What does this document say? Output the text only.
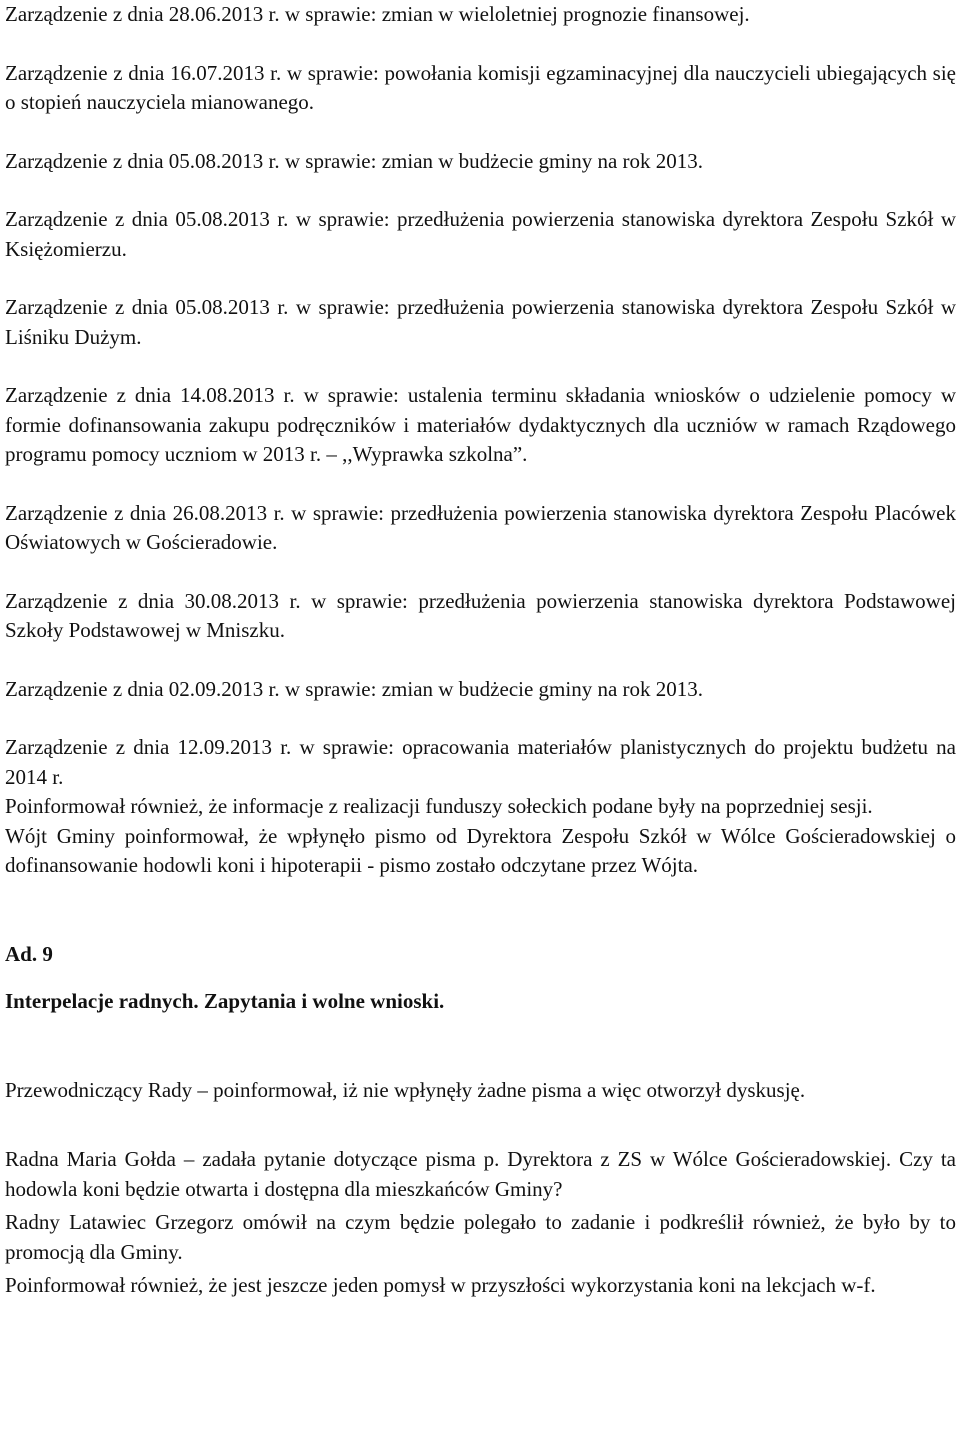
Zarządzenie z dnia 28.06.2013 r. w sprawie: zmian w wieloletniej prognozie finansowej.

Zarządzenie z dnia 16.07.2013 r. w sprawie: powołania komisji egzaminacyjnej dla nauczycieli ubiegających się o stopień nauczyciela mianowanego.

Zarządzenie z dnia 05.08.2013 r. w sprawie: zmian w budżecie gminy na rok 2013.

Zarządzenie z dnia 05.08.2013 r. w sprawie: przedłużenia powierzenia stanowiska dyrektora Zespołu Szkół w Księżomierzu.

Zarządzenie z dnia 05.08.2013 r. w sprawie: przedłużenia powierzenia stanowiska dyrektora Zespołu Szkół w Liśniku Dużym.

Zarządzenie z dnia 14.08.2013 r. w sprawie: ustalenia terminu składania wniosków o udzielenie pomocy w formie dofinansowania zakupu podręczników i materiałów dydaktycznych dla uczniów w ramach Rządowego programu pomocy uczniom w 2013 r. – ,,Wyprawka szkolna”.

Zarządzenie z dnia 26.08.2013 r. w sprawie: przedłużenia powierzenia stanowiska dyrektora Zespołu Placówek Oświatowych w Gościeradowie.

Zarządzenie z dnia 30.08.2013 r. w sprawie: przedłużenia powierzenia stanowiska dyrektora Podstawowej Szkoły Podstawowej w Mniszku.

Zarządzenie z dnia 02.09.2013 r. w sprawie: zmian w budżecie gminy na rok 2013.

Zarządzenie z dnia 12.09.2013 r. w sprawie: opracowania materiałów planistycznych do projektu budżetu na 2014 r.

Poinformował również, że informacje z realizacji funduszy sołeckich podane były na poprzedniej sesji.

Wójt Gminy poinformował, że wpłynęło pismo od Dyrektora Zespołu Szkół w Wólce Gościeradowskiej o dofinansowanie hodowli koni i hipoterapii - pismo zostało odczytane przez Wójta.

Ad. 9

Interpelacje radnych. Zapytania i wolne wnioski.

Przewodniczący Rady – poinformował, iż nie wpłynęły żadne pisma a więc otworzył dyskusję.

Radna Maria Gołda – zadała pytanie dotyczące pisma p. Dyrektora z ZS w Wólce Gościeradowskiej. Czy ta hodowla koni będzie otwarta i dostępna dla mieszkańców Gminy?

Radny Latawiec Grzegorz omówił na czym będzie polegało to zadanie i podkreślił również, że było by to promocją dla Gminy.

Poinformował również, że jest jeszcze jeden pomysł w przyszłości wykorzystania koni na lekcjach w-f.
